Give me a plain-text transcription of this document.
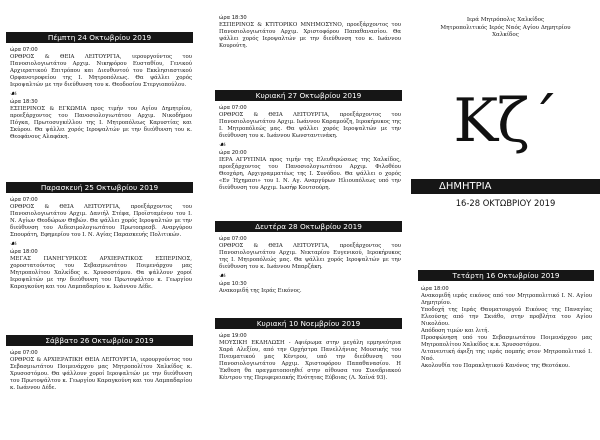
Πέμπτη 24 Οκτωβρίου 2019
ώρα 07:00
ΟΡΘΡΟΣ & ΘΕΙΑ ΛΕΙΤΟΥΡΓΙΑ, ιερουργούντος του Πανοσιολογιωτάτου Αρχιμ. Νικηφόρου Ευσταθίου, Γενικού Αρχιερατικού Επιτρόπου και Διευθυντού του Εκκλησιαστικού Ορφανοτροφείου της Ι. Μητροπόλεως. Θα ψάλλει χορός Ιεροψαλτών με την διεύθυνση του κ. Θεοδοσίου Στεργιοπούλου.
☙
ώρα 18:30
ΕΣΠΕΡΙΝΟΣ & ΕΓΚΩΜΙΑ προς τιμήν του Αγίου Δημητρίου, προεξάρχοντος του Πανοσιολογιωτάτου Αρχιμ. Νικοδήμου Πόγκα, Πρωτοσυγκέλλου της Ι. Μητροπόλεως Καρυστίας και Σκύρου. Θα ψάλλει χορός Ιεροψαλτών με την διεύθυνση του κ. Θεοφάνους Αλαφάκη.
Παρασκευή 25 Οκτωβρίου 2019
ώρα 07:00
ΟΡΘΡΟΣ & ΘΕΙΑ ΛΕΙΤΟΥΡΓΙΑ, προεξάρχοντος του Πανοσιολογιωτάτου Αρχιμ. Δανιήλ Στέφα, Προϊσταμένου του Ι. Ν. Αγίων Θεοδώρων Θηβών. Θα ψάλλει χορός Ιεροψαλτών με την διεύθυνση του Αιδεσιμολογιωτάτου Πρωτοπρεσβ. Αναργύρου Σπουράτη, Εφημερίου του Ι. Ν. Αγίας Παρασκευής Πολιτικών.
☙
ώρα 18:00
ΜΕΓΑΣ ΠΑΝΗΓΥΡΙΚΟΣ ΑΡΧΙΕΡΑΤΙΚΟΣ ΕΣΠΕΡΙΝΟΣ, χοροστατούντος του Σεβασμιωτάτου Ποιμενάρχου μας Μητροπολίτου Χαλκίδος κ. Χρυσοστόμου. Θα ψάλλουν χοροί Ιεροψαλτών με την διεύθυνση του Πρωτοψάλτου κ. Γεωργίου Καραγκούνη και του Λαμπαδαρίου κ. Ιωάννου Δέδε.
Σάββατο 26 Οκτωβρίου 2019
ώρα 07:00
ΟΡΘΡΟΣ & ΑΡΧΙΕΡΑΤΙΚΗ ΘΕΙΑ ΛΕΙΤΟΥΡΓΙΑ, ιερουργούντος του Σεβασμιωτάτου Ποιμενάρχου μας Μητροπολίτου Χαλκίδος κ. Χρυσοστόμου. Θα ψάλλουν χοροί Ιεροψαλτών με την διεύθυνση του Πρωτοψάλτου κ. Γεωργίου Καραγκούνη και του Λαμπαδαρίου κ. Ιωάννου Δέδε.
ώρα 18:30
ΕΣΠΕΡΙΝΟΣ & ΚΤΙΤΟΡΙΚΟ ΜΝΗΜΟΣΥΝΟ, προεξάρχοντος του Πανοσιολογιωτάτου Αρχιμ. Χριστοφόρου Παπαθανασίου. Θα ψάλλει χορός Ιεροψαλτών με την διεύθυνση του κ. Ιωάννου Κουρούτη.
Κυριακή 27 Οκτωβρίου 2019
ώρα 07:00
ΟΡΘΡΟΣ & ΘΕΙΑ ΛΕΙΤΟΥΡΓΙΑ, προεξάρχοντος του Πανοσιολογιωτάτου Αρχιμ. Ιωάννου Καραμούζη, Ιεροκήρυκος της Ι. Μητροπόλεώς μας. Θα ψάλλει χορός Ιεροψαλτών με την διεύθυνση του κ. Ιωάννου Κωνσταντινάκη.
☙
ώρα 20:00
ΙΕΡΑ ΑΓΡΥΠΝΙΑ προς τιμήν της Ελευθερώσεως της Χαλκίδος, προεξάρχοντος του Πανοσιολογιωτάτου Αρχιμ. Φιλοθέου Θεοχάρη, Αρχιγραμματέως της Ι. Συνόδου. Θα ψάλλει ο χορός «Εν Ήχημασι» του Ι. Ν. Αγ. Αναργύρων Ηλιουπόλεως υπό την διεύθυνση του Αρχιμ. Ιωσήφ Κουτσούρη.
Δευτέρα 28 Οκτωβρίου 2019
ώρα 07:00
ΟΡΘΡΟΣ & ΘΕΙΑ ΛΕΙΤΟΥΡΓΙΑ, προεξάρχοντος του Πανοσιολογιωτάτου Αρχιμ. Νεκταρίου Ευγενικού, Ιεροκήρυκος της Ι. Μητροπόλεώς μας. Θα ψάλλει χορός Ιεροψαλτών με την διεύθυνση του κ. Ιωάννου Μπαρζάκη.
☙
ώρα 10:30
Ανακομιδή της Ιεράς Εικόνος.
Κυριακή 10 Νοεμβρίου 2019
ώρα 19:00
ΜΟΥΣΙΚΗ ΕΚΔΗΛΩΣΗ - Αφιέρωμα στην μεγάλη ερμηνεύτρια Χαρά Αλεξίου, από την Ορχήστρα Πανελλήνιας Μουσικής του Πνευματικού μας Κέντρου, υπό την διεύθυνση του Πανοσιολογιωτάτου Αρχιμ. Χριστοφόρου Παπαθανασίου. Η Έκθεση θα πραγματοποιηθεί στην αίθουσα του Συνεδριακού Κέντρου της Περιφερειακής Ενότητας Εύβοιας (Λ. Χαϊνά 93).
Ιερά Μητρόπολις Χαλκίδος
Μητροπολιτικός Ιερός Ναός Αγίου Δημητρίου
Χαλκίδος
Κζ΄
ΔΗΜΗΤΡΙΑ
16-28 ΟΚΤΩΒΡΙΟΥ 2019
Τετάρτη 16 Οκτωβρίου 2019
ώρα 18:00
Ανακομιδή ιεράς εικόνος από τον Μητροπολιτικό Ι. Ν. Αγίου Δημητρίου.
Υποδοχή της Ιεράς Θαυματουργού Εικόνος της Παναγίας Ελεούσης από την Σκιάθο, στην προβλήτα του Αγίου Νικολάου.
Απόδοση τιμών και λιτή.
Προσφώνηση υπό του Σεβασμιωτάτου Ποιμενάρχου μας Μητροπολίτου Χαλκίδος κ.κ. Χρυσοστόμου.
Λιτανευτική άφιξη της ιεράς πομπής στον Μητροπολιτικό Ι. Ναό.
Ακολουθία του Παρακλητικού Κανόνος της Θεοτόκου.
